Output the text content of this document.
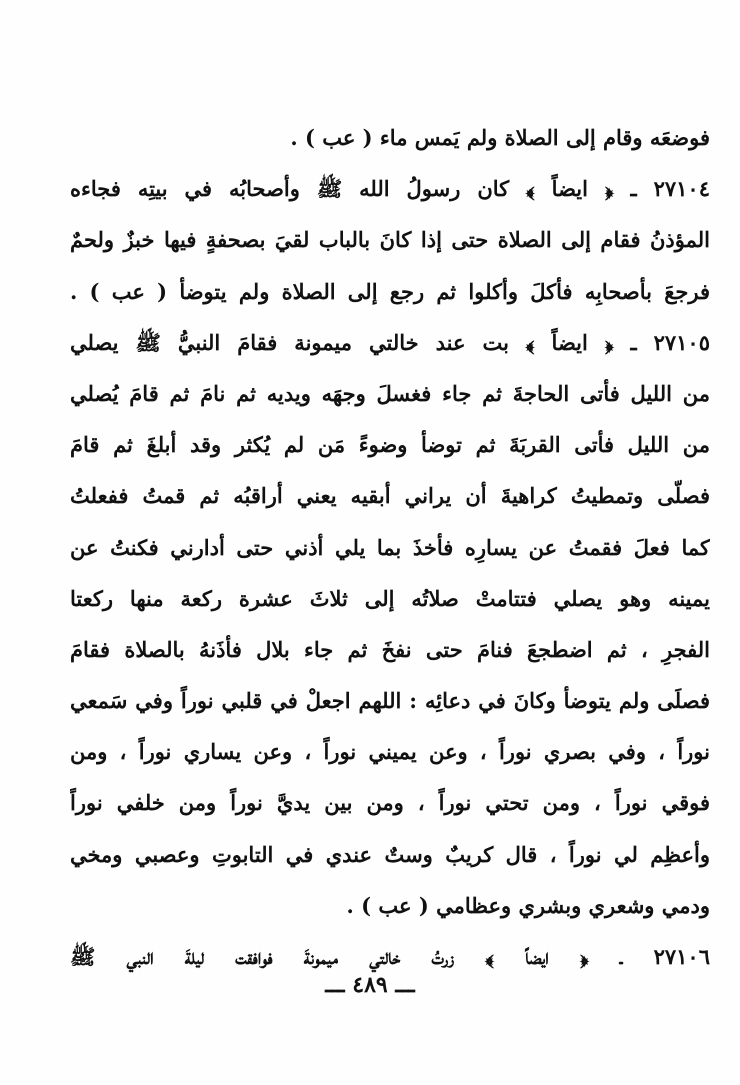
فوضعَه وقام إلى الصلاة ولم يَمس ماء ( عب ) .
٢٧١٠٤ ـ ﴿ ايضاً ﴾ كان رسولُ الله ﷺ وأصحابُه في بيتِه فجاءه
المؤذنُ فقام إلى الصلاة حتى إذا كانَ بالباب لقيَ بصحفةٍ فيها خبزٌ ولحمٌ
فرجعَ بأصحابِه فأكلَ وأكلوا ثم رجع إلى الصلاة ولم يتوضأ ( عب ) .
٢٧١٠٥ ـ ﴿ ايضاً ﴾ بت عند خالتي ميمونة فقامَ النبيُّ ﷺ يصلي
من الليل فأتى الحاجةَ ثم جاء فغسلَ وجهَه ويديه ثم نامَ ثم قامَ يُصلي
من الليل فأتى القربَةَ ثم توضأ وضوءً مَن لم يُكثر وقد أبلغَ ثم قامَ
فصلّى وتمطيتُ كراهيةَ أن يراني أبقيه يعني أراقبُه ثم قمتُ ففعلتُ
كما فعلَ فقمتُ عن يسارِه فأخذَ بما يلي أذني حتى أدارني فكنتُ عن
يمينه وهو يصلي فتتامتْ صلاتُه إلى ثلاثَ عشرة ركعة منها ركعتا
الفجرِ ، ثم اضطجعَ فنامَ حتى نفخَ ثم جاء بلال فأذَنهُ بالصلاة فقامَ
فصلَى ولم يتوضأ وكانَ في دعائِه : اللهم اجعلْ في قلبي نوراً وفي سَمعي
نوراً ، وفي بصري نوراً ، وعن يميني نوراً ، وعن يساري نوراً ، ومن
فوقي نوراً ، ومن تحتي نوراً ، ومن بين يديَّ نوراً ومن خلفي نوراً
وأعظِم لي نوراً ، قال كريبٌ وستٌ عندي في التابوتِ وعصبي ومخي
ودمي وشعري وبشري وعظامي ( عب ) .
٢٧١٠٦ ـ ﴿ ايضاً ﴾ زرتُ خالتي ميمونةَ فوافقت ليلةَ النبي ﷺ
ـــ ٤٨٩ ـــ
